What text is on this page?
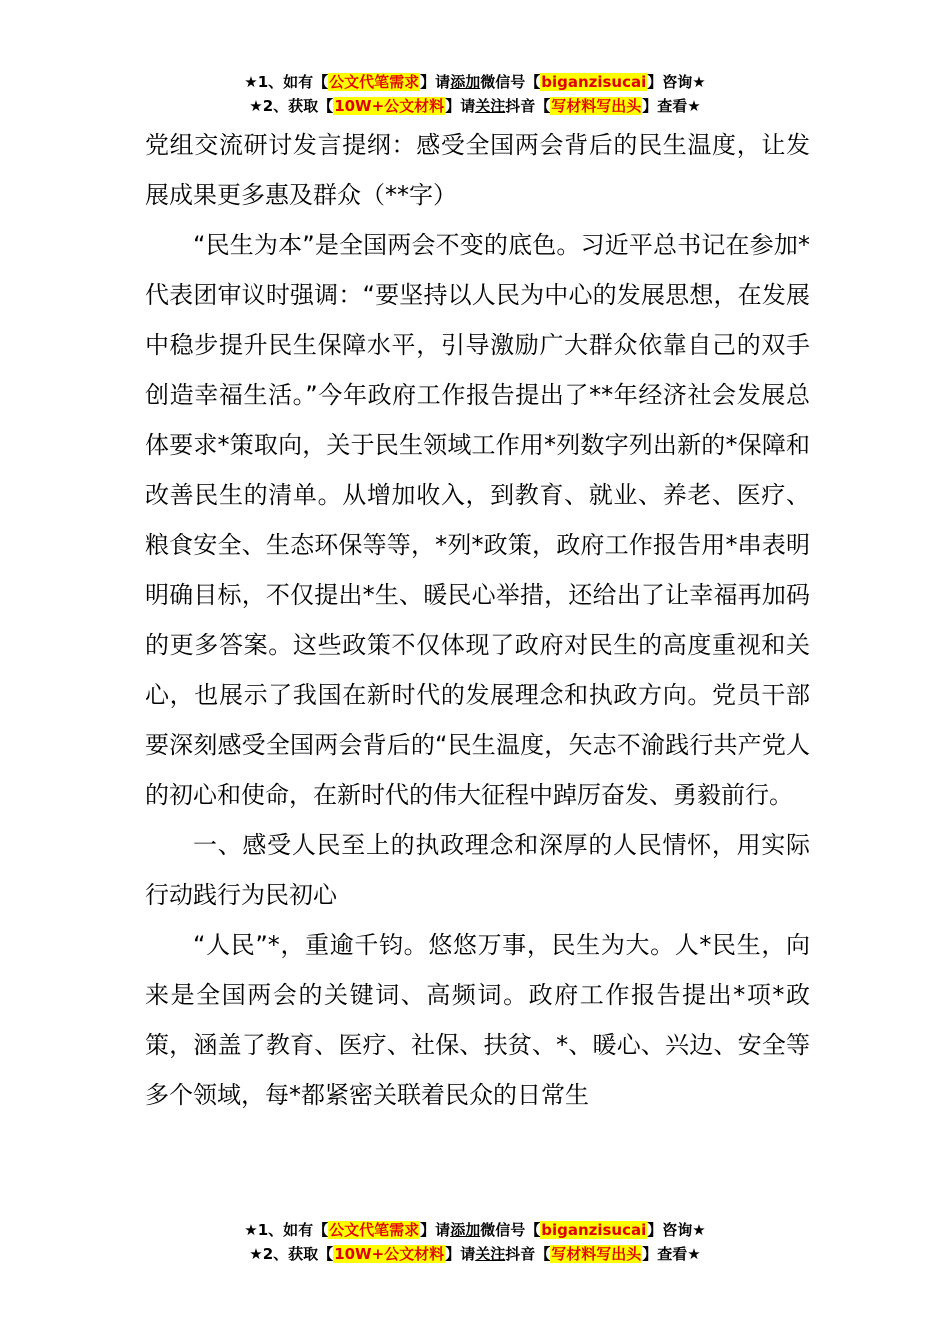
★1、如有【公文代笔需求】请添加微信号【biganzisucai】咨询★
★2、获取【10W+公文材料】请关注抖音【写材料写出头】查看★

党组交流研讨发言提纲：感受全国两会背后的民生温度，让发展成果更多惠及群众（**字）

“民生为本”是全国两会不变的底色。习近平总书记在参加*代表团审议时强调：“要坚持以人民为中心的发展思想，在发展中稳步提升民生保障水平，引导激励广大群众依靠自己的双手创造幸福生活。”今年政府工作报告提出了**年经济社会发展总体要求*策取向，关于民生领域工作用*列数字列出新的*保障和改善民生的清单。从增加收入，到教育、就业、养老、医疗、粮食安全、生态环保等等，*列*政策，政府工作报告用*串表明明确目标，不仅提出*生、暖民心举措，还给出了让幸福再加码的更多答案。这些政策不仅体现了政府对民生的高度重视和关心，也展示了我国在新时代的发展理念和执政方向。党员干部要深刻感受全国两会背后的“民生温度，矢志不渝践行共产党人的初心和使命，在新时代的伟大征程中踔厉奋发、勇毅前行。

一、感受人民至上的执政理念和深厚的人民情怀，用实际行动践行为民初心

“人民”*，重逾千钧。悠悠万事，民生为大。人*民生，向来是全国两会的关键词、高频词。政府工作报告提出*项*政策，涵盖了教育、医疗、社保、扶贫、*、暖心、兴边、安全等多个领域，每*都紧密关联着民众的日常生

★1、如有【公文代笔需求】请添加微信号【biganzisucai】咨询★
★2、获取【10W+公文材料】请关注抖音【写材料写出头】查看★
